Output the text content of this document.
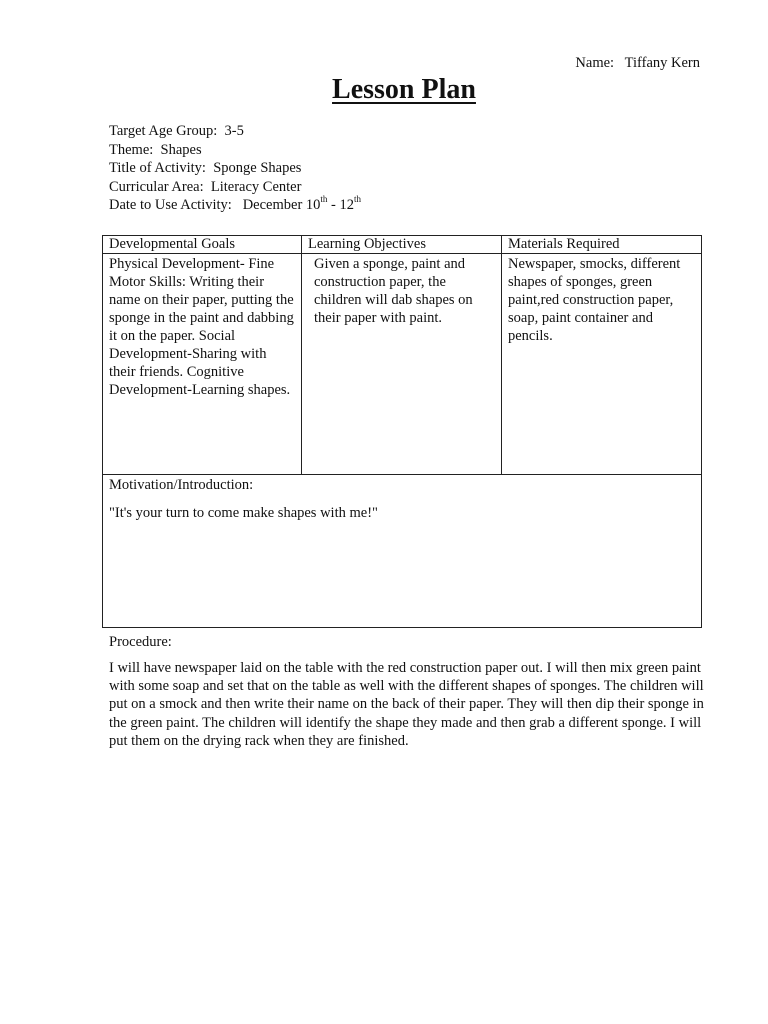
Name:   Tiffany Kern
Lesson Plan
Target Age Group:  3-5
Theme:  Shapes
Title of Activity:  Sponge Shapes
Curricular Area:  Literacy Center
Date to Use Activity:   December 10th - 12th
Developmental Goals	Learning Objectives	Materials Required
Physical Development- Fine Motor Skills: Writing their name on their paper, putting the sponge in the paint and dabbing it on the paper. Social Development-Sharing with their friends. Cognitive Development-Learning shapes.	Given a sponge, paint and construction paper, the children will dab shapes on their paper with paint.	Newspaper, smocks, different shapes of sponges, green paint,red construction paper, soap, paint container and pencils.

Motivation/Introduction:
"It's your turn to come make shapes with me!"		
Procedure:
I will have newspaper laid on the table with the red construction paper out. I will then mix green paint with some soap and set that on the table as well with the different shapes of sponges. The children will put on a smock and then write their name on the back of their paper. They will then dip their sponge in the green paint. The children will identify the shape they made and then grab a different sponge. I will put them on the drying rack when they are finished.
